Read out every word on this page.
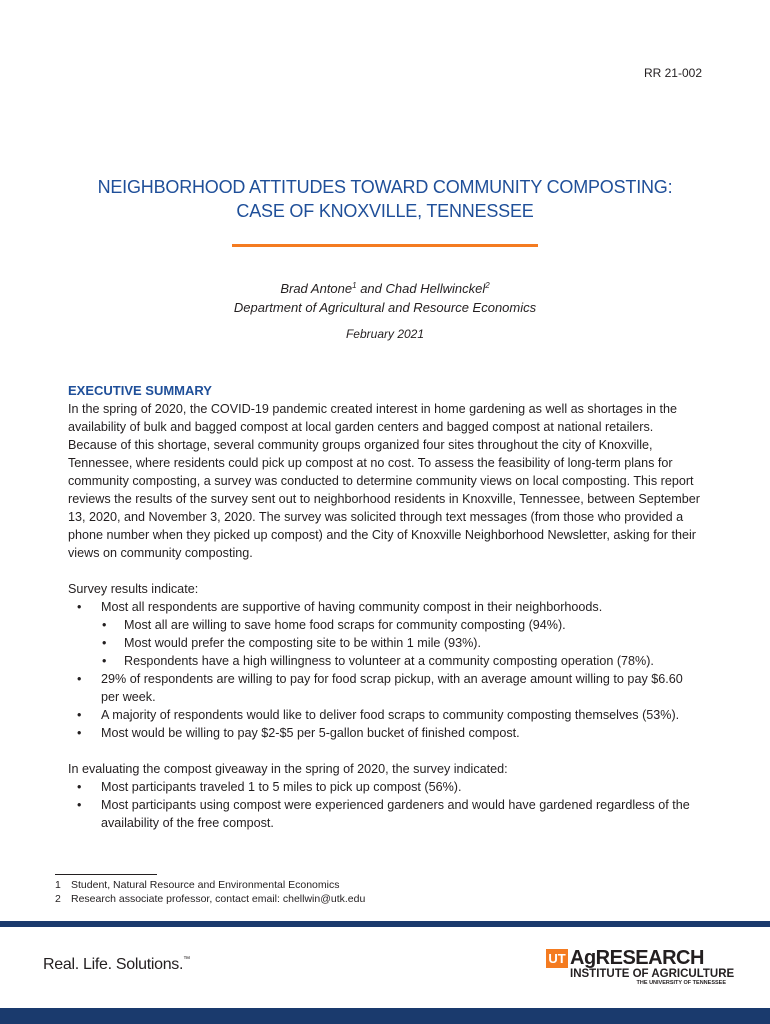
RR 21-002
NEIGHBORHOOD ATTITUDES TOWARD COMMUNITY COMPOSTING:
CASE OF KNOXVILLE, TENNESSEE
Brad Antone$^1$ and Chad Hellwinckel$^2$
Department of Agricultural and Resource Economics
February 2021
EXECUTIVE SUMMARY

In the spring of 2020, the COVID-19 pandemic created interest in home gardening as well as shortages in the availability of bulk and bagged compost at local garden centers and bagged compost at national retailers. Because of this shortage, several community groups organized four sites throughout the city of Knoxville, Tennessee, where residents could pick up compost at no cost. To assess the feasibility of long-term plans for community composting, a survey was conducted to determine community views on local composting. This report reviews the results of the survey sent out to neighborhood residents in Knoxville, Tennessee, between September 13, 2020, and November 3, 2020. The survey was solicited through text messages (from those who provided a phone number when they picked up compost) and the City of Knoxville Neighborhood Newsletter, asking for their views on community composting.

Survey results indicate:
• Most all respondents are supportive of having community compost in their neighborhoods.
• Most all are willing to save home food scraps for community composting (94%).
• Most would prefer the composting site to be within 1 mile (93%).
• Respondents have a high willingness to volunteer at a community composting operation (78%).
• 29% of respondents are willing to pay for food scrap pickup, with an average amount willing to pay $6.60 per week.
• A majority of respondents would like to deliver food scraps to community composting themselves (53%).
• Most would be willing to pay $2-$5 per 5-gallon bucket of finished compost.
In evaluating the compost giveaway in the spring of 2020, the survey indicated:
• Most participants traveled 1 to 5 miles to pick up compost (56%).
• Most participants using compost were experienced gardeners and would have gardened regardless of the availability of the free compost.
1 Student, Natural Resource and Environmental Economics
2 Research associate professor, contact email: chellwin@utk.edu
Real. Life. Solutions.™	UT AgRESEARCH
INSTITUTE OF AGRICULTURE
THE UNIVERSITY OF TENNESSEE
